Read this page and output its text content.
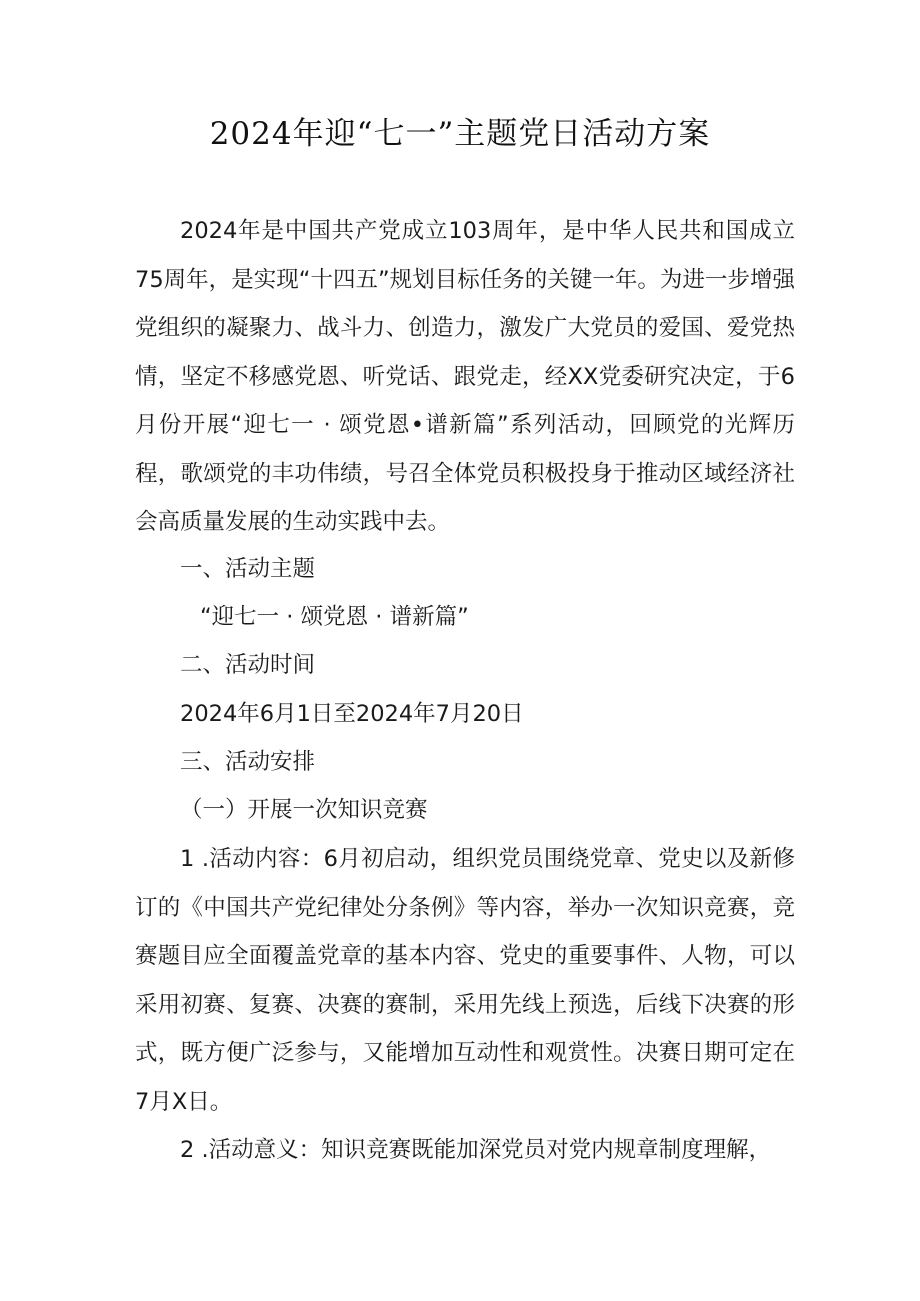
2024年迎“七一”主题党日活动方案

2024年是中国共产党成立103周年，是中华人民共和国成立75周年，是实现“十四五”规划目标任务的关键一年。为进一步增强党组织的凝聚力、战斗力、创造力，激发广大党员的爱国、爱党热情，坚定不移感党恩、听党话、跟党走，经XX党委研究决定，于6月份开展“迎七一 · 颂党恩•谱新篇”系列活动，回顾党的光辉历程，歌颂党的丰功伟绩，号召全体党员积极投身于推动区域经济社会高质量发展的生动实践中去。

一、活动主题
“迎七一 · 颂党恩 · 谱新篇”
二、活动时间
2024年6月1日至2024年7月20日
三、活动安排
（一）开展一次知识竞赛

1 .活动内容：6月初启动，组织党员围绕党章、党史以及新修订的《中国共产党纪律处分条例》等内容，举办一次知识竞赛，竞赛题目应全面覆盖党章的基本内容、党史的重要事件、人物，可以采用初赛、复赛、决赛的赛制，采用先线上预选，后线下决赛的形式，既方便广泛参与，又能增加互动性和观赏性。决赛日期可定在7月X日。

2 .活动意义：知识竞赛既能加深党员对党内规章制度理解，
